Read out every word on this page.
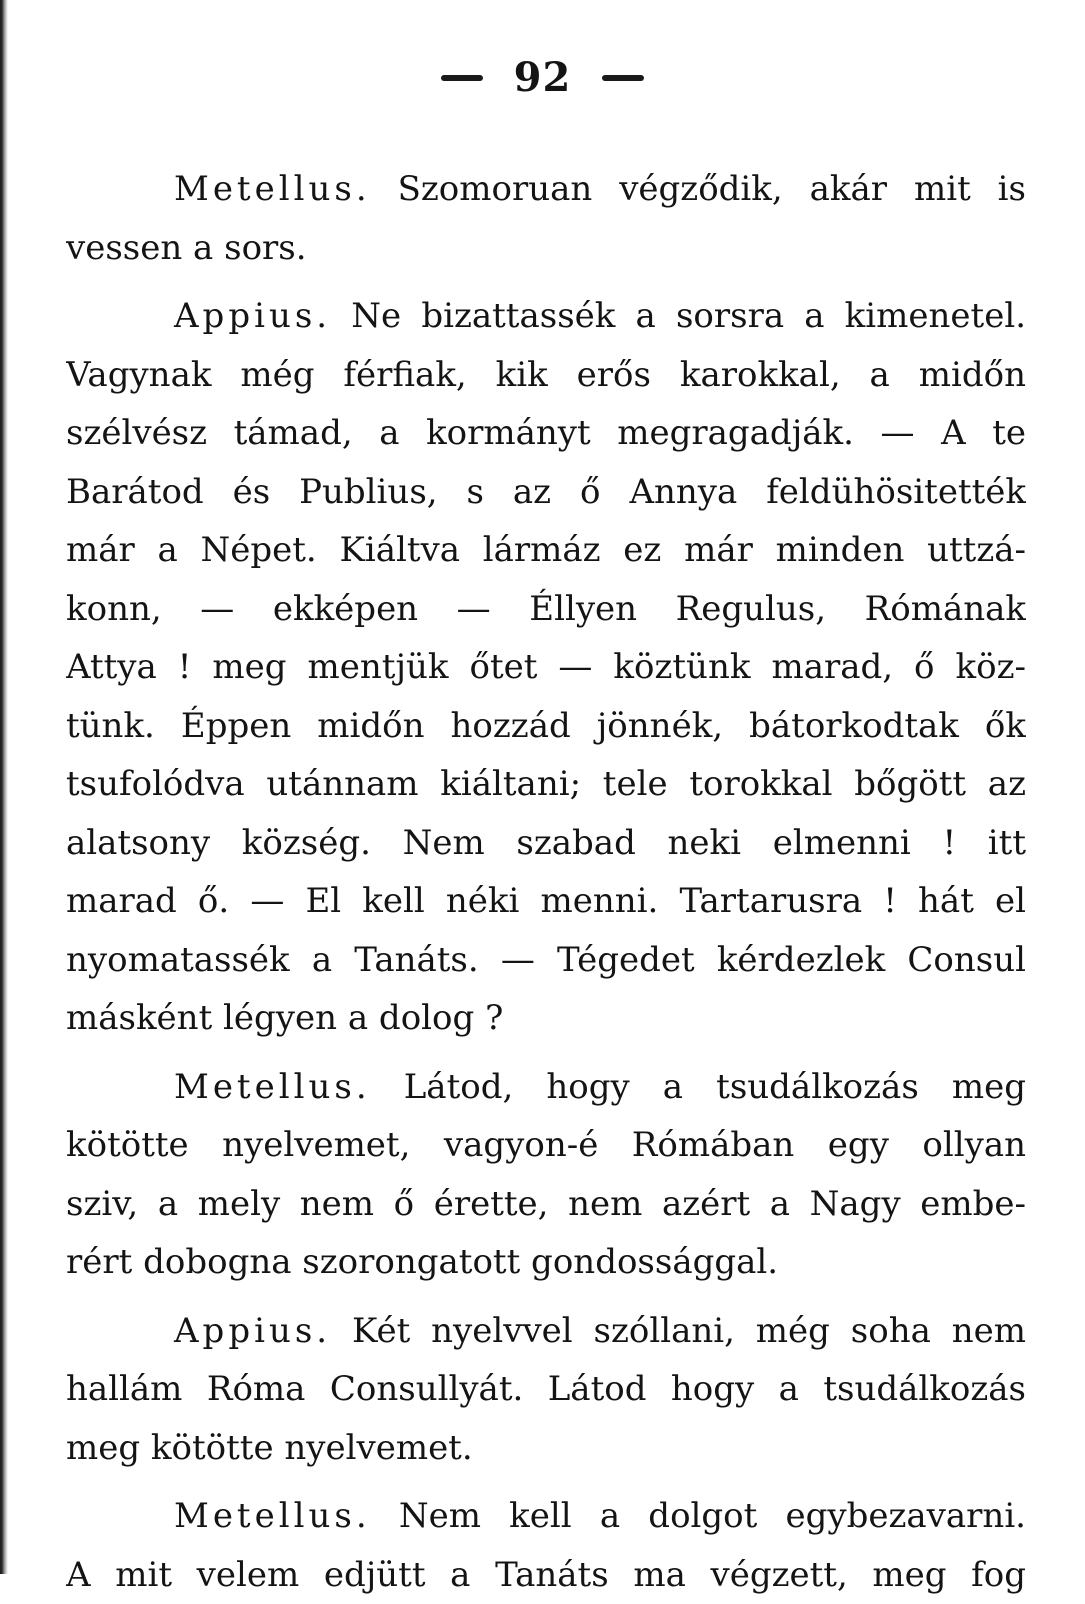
92
Metellus. Szomoruan végződik, akár mit is
vessen a sors.
Appius. Ne bizattassék a sorsra a kimenetel.
Vagynak még férfiak, kik erős karokkal, a midőn
szélvész támad, a kormányt megragadják. — A te
Barátod és Publius, s az ő Annya feldühösitették
már a Népet. Kiáltva lármáz ez már minden uttzá-
konn, — ekképen — Éllyen Regulus, Rómának
Attya ! meg mentjük őtet — köztünk marad, ő köz-
tünk. Éppen midőn hozzád jönnék, bátorkodtak ők
tsufolódva utánnam kiáltani; tele torokkal bőgött az
alatsony község. Nem szabad neki elmenni ! itt
marad ő. — El kell néki menni. Tartarusra ! hát el
nyomatassék a Tanáts. — Tégedet kérdezlek Consul
másként légyen a dolog ?
Metellus. Látod, hogy a tsudálkozás meg
kötötte nyelvemet, vagyon-é Rómában egy ollyan
sziv, a mely nem ő érette, nem azért a Nagy embe-
rért dobogna szorongatott gondossággal.
Appius. Két nyelvvel szóllani, még soha nem
hallám Róma Consullyát. Látod hogy a tsudálkozás
meg kötötte nyelvemet.
Metellus. Nem kell a dolgot egybezavarni.
A mit velem edjütt a Tanáts ma végzett, meg fog
